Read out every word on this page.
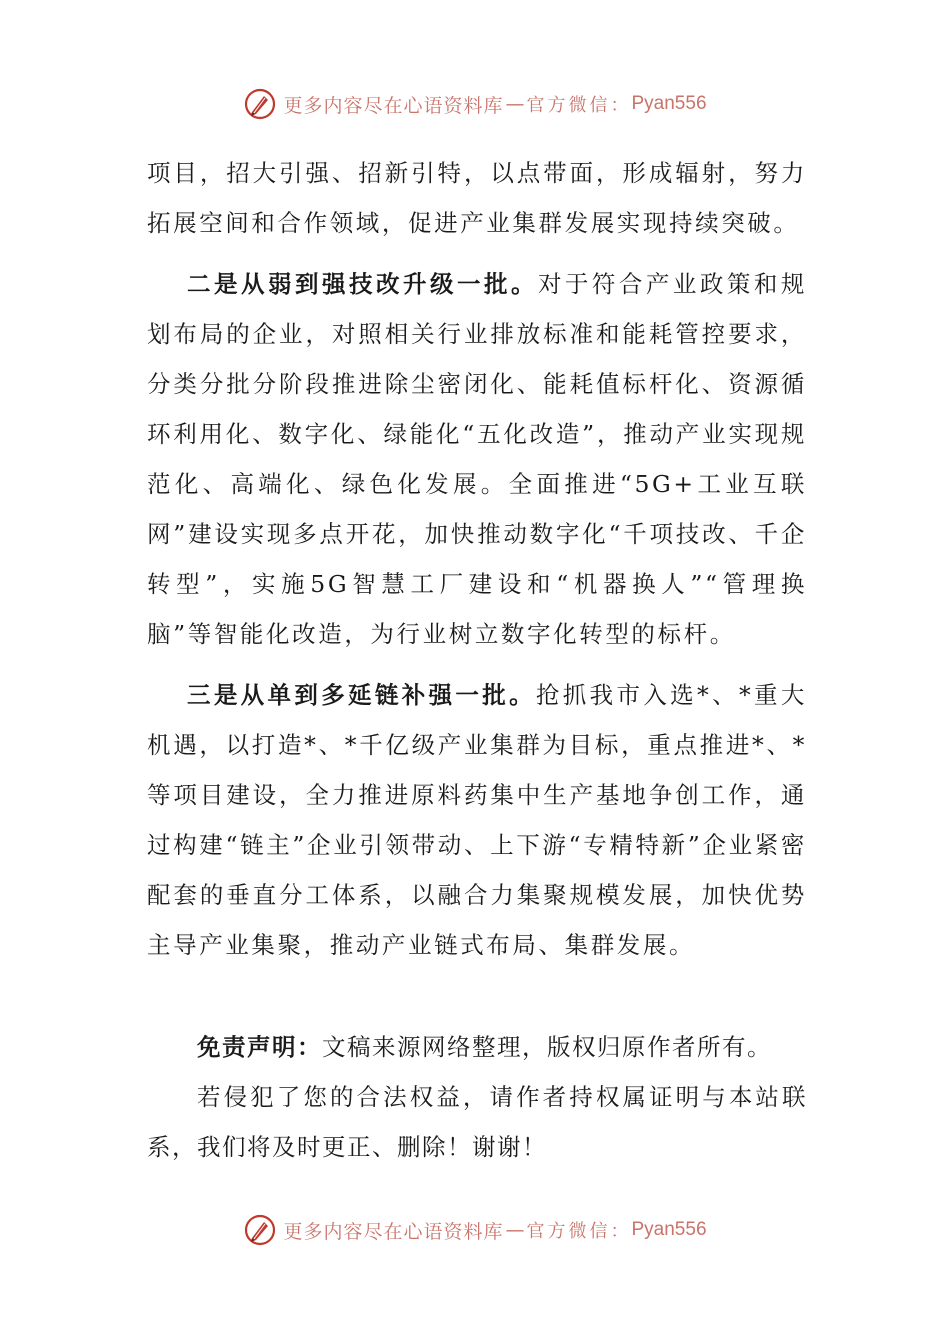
更多内容尽在心语资料库 — 官方微信： Pyan556

项目，招大引强、招新引特，以点带面，形成辐射，努力拓展空间和合作领域，促进产业集群发展实现持续突破。

二是从弱到强技改升级一批。对于符合产业政策和规划布局的企业，对照相关行业排放标准和能耗管控要求，分类分批分阶段推进除尘密闭化、能耗值标杆化、资源循环利用化、数字化、绿能化“五化改造”，推动产业实现规范化、高端化、绿色化发展。全面推进“5G+工业互联网”建设实现多点开花，加快推动数字化“千项技改、千企转型”，实施5G智慧工厂建设和“机器换人”“管理换脑”等智能化改造，为行业树立数字化转型的标杆。

三是从单到多延链补强一批。抢抓我市入选*、*重大机遇，以打造*、*千亿级产业集群为目标，重点推进*、*等项目建设，全力推进原料药集中生产基地争创工作，通过构建“链主”企业引领带动、上下游“专精特新”企业紧密配套的垂直分工体系，以融合力集聚规模发展，加快优势主导产业集聚，推动产业链式布局、集群发展。

免责声明：文稿来源网络整理，版权归原作者所有。

若侵犯了您的合法权益，请作者持权属证明与本站联系，我们将及时更正、删除！谢谢！

更多内容尽在心语资料库 — 官方微信： Pyan556
